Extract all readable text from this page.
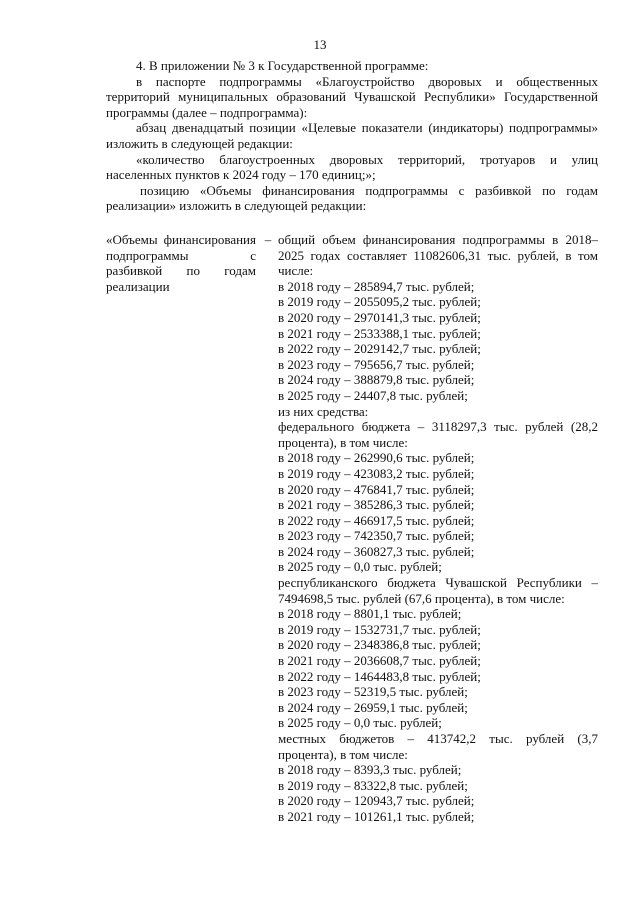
13

4. В приложении № 3 к Государственной программе:

в паспорте подпрограммы «Благоустройство дворовых и общественных территорий муниципальных образований Чувашской Республики» Государственной программы (далее – подпрограмма):

абзац двенадцатый позиции «Целевые показатели (индикаторы) подпрограммы» изложить в следующей редакции:

«количество благоустроенных дворовых территорий, тротуаров и улиц населенных пунктов к 2024 году – 170 единиц;»;

позицию «Объемы финансирования подпрограммы с разбивкой по годам реализации» изложить в следующей редакции:

«Объемы финансирования подпрограммы с разбивкой по годам реализации
– общий объем финансирования подпрограммы в 2018–2025 годах составляет 11082606,31 тыс. рублей, в том числе:
в 2018 году – 285894,7 тыс. рублей;
в 2019 году – 2055095,2 тыс. рублей;
в 2020 году – 2970141,3 тыс. рублей;
в 2021 году – 2533388,1 тыс. рублей;
в 2022 году – 2029142,7 тыс. рублей;
в 2023 году – 795656,7 тыс. рублей;
в 2024 году – 388879,8 тыс. рублей;
в 2025 году – 24407,8 тыс. рублей;
из них средства:
федерального бюджета – 3118297,3 тыс. рублей (28,2 процента), в том числе:
в 2018 году – 262990,6 тыс. рублей;
в 2019 году – 423083,2 тыс. рублей;
в 2020 году – 476841,7 тыс. рублей;
в 2021 году – 385286,3 тыс. рублей;
в 2022 году – 466917,5 тыс. рублей;
в 2023 году – 742350,7 тыс. рублей;
в 2024 году – 360827,3 тыс. рублей;
в 2025 году – 0,0 тыс. рублей;
республиканского бюджета Чувашской Республики – 7494698,5 тыс. рублей (67,6 процента), в том числе:
в 2018 году – 8801,1 тыс. рублей;
в 2019 году – 1532731,7 тыс. рублей;
в 2020 году – 2348386,8 тыс. рублей;
в 2021 году – 2036608,7 тыс. рублей;
в 2022 году – 1464483,8 тыс. рублей;
в 2023 году – 52319,5 тыс. рублей;
в 2024 году – 26959,1 тыс. рублей;
в 2025 году – 0,0 тыс. рублей;
местных бюджетов – 413742,2 тыс. рублей (3,7 процента), в том числе:
в 2018 году – 8393,3 тыс. рублей;
в 2019 году – 83322,8 тыс. рублей;
в 2020 году – 120943,7 тыс. рублей;
в 2021 году – 101261,1 тыс. рублей;
